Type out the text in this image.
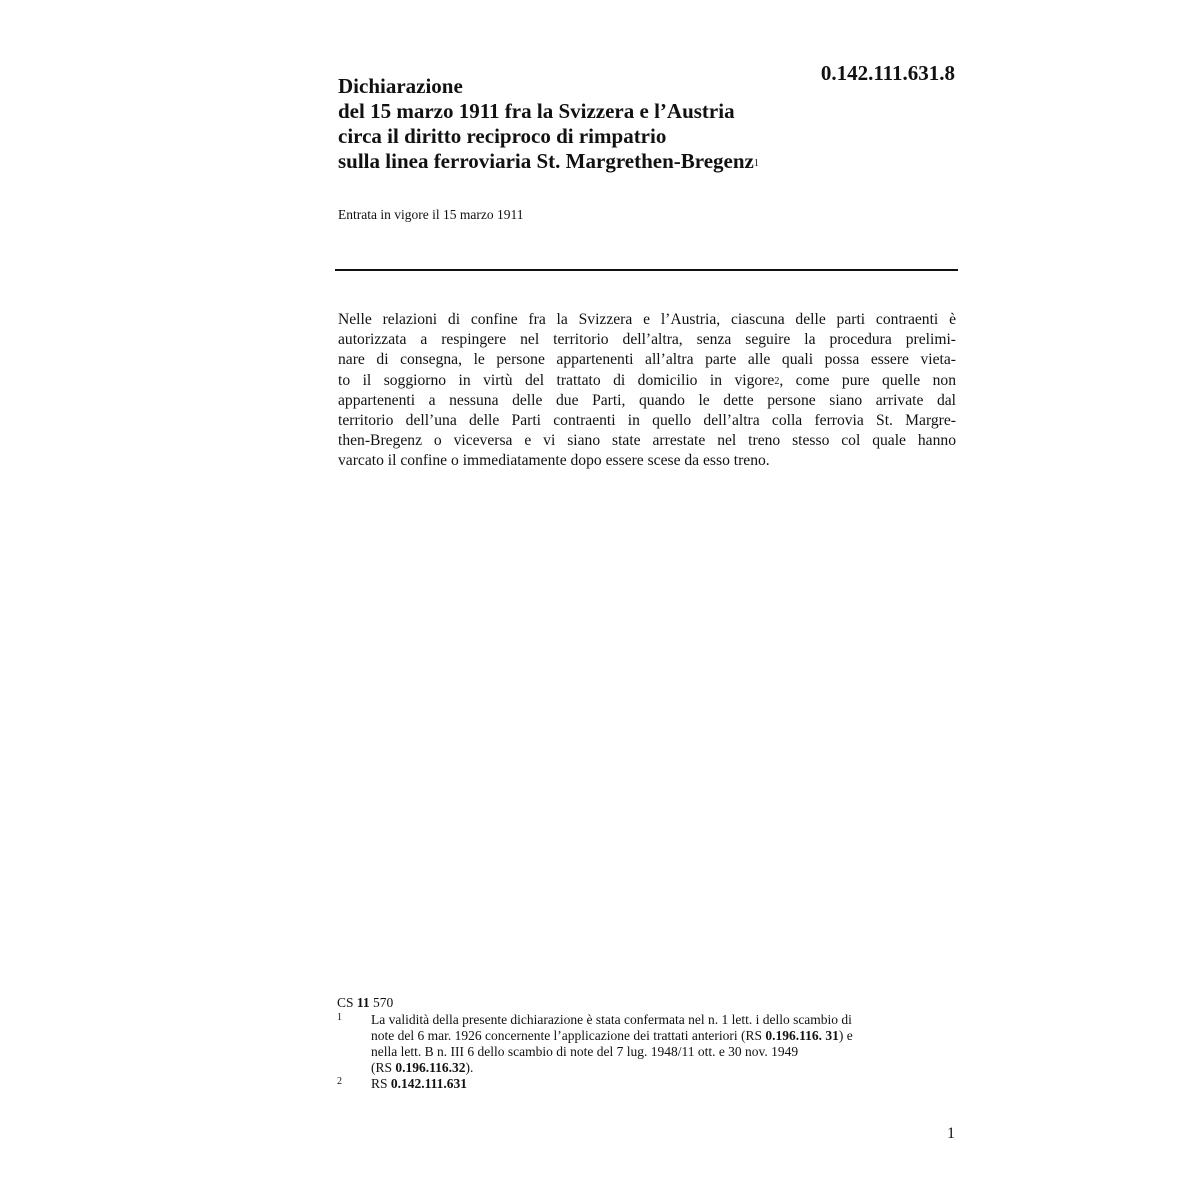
0.142.111.631.8
Dichiarazione
del 15 marzo 1911 fra la Svizzera e l’Austria
circa il diritto reciproco di rimpatrio
sulla linea ferroviaria St. Margrethen-Bregenz$^1$

Entrata in vigore il 15 marzo 1911

Nelle relazioni di confine fra la Svizzera e l’Austria, ciascuna delle parti contraenti è
autorizzata a respingere nel territorio dell’altra, senza seguire la procedura prelimi-
nare di consegna, le persone appartenenti all’altra parte alle quali possa essere vieta-
to il soggiorno in virtù del trattato di domicilio in vigore$^2$, come pure quelle non
appartenenti a nessuna delle due Parti, quando le dette persone siano arrivate dal
territorio dell’una delle Parti contraenti in quello dell’altra colla ferrovia St. Margre-
then-Bregenz o viceversa e vi siano state arrestate nel treno stesso col quale hanno
varcato il confine o immediatamente dopo essere scese da esso treno.

CS 11 570

1 La validità della presente dichiarazione è stata confermata nel n. 1 lett. i dello scambio di
note del 6 mar. 1926 concernente l’applicazione dei trattati anteriori (RS 0.196.116. 31) e
nella lett. B n. III 6 dello scambio di note del 7 lug. 1948/11 ott. e 30 nov. 1949
(RS 0.196.116.32).
2 RS 0.142.111.631
1
